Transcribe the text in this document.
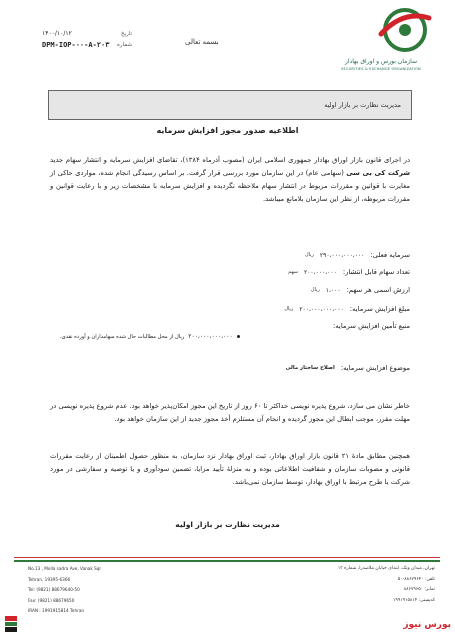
سازمان بورس و اوراق بهادار
SECURITIES & EXCHANGE ORGANIZATION
بسمه تعالی
تاریخ
۱۴۰۰/۱۰/۱۲
شماره
DPM-IOP-۰۰-A-۲۰۳
مدیریت نظارت بر بازار اولیه
اطلاعیه صدور مجوز افزایش سرمایه
در اجرای قانون بازار اوراق بهادار جمهوری اسلامی ایران (مصوب آذرماه ۱۳۸۴)، تقاضای افزایش سرمایه و انتشار سهام جدید شرکت کی بی سی (سهامی عام) در این سازمان مورد بررسی قرار گرفت. بر اساس رسیدگی انجام شده، مواردی حاکی از مغایرت با قوانین و مقررات مربوط در انتشار سهام ملاحظه نگردیده و افزایش سرمایه با مشخصات زیر و با رعایت قوانین و مقررات مربوطه، از نظر این سازمان بلامانع میباشد.
سرمایه فعلی:
۲۹۰،۰۰۰،۰۰۰،۰۰۰
ریال
تعداد سهام قابل انتشار:
۲۰۰،۰۰۰،۰۰۰
سهم
ارزش اسمی هر سهم:
۱،۰۰۰
ریال
مبلغ افزایش سرمایه:
۲۰۰،۰۰۰،۰۰۰،۰۰۰
ریال
منبع تأمین افزایش سرمایه:
۲۰۰،۰۰۰،۰۰۰،۰۰۰
ریال از محل مطالبات حال شده سهامداران و آورده نقدی،
موضوع افزایش سرمایه:
اصلاح ساختار مالی
خاطر نشان می سازد، شروع پذیره نویسی حداکثر تا ۶۰ روز از تاریخ این مجوز امکان‌پذیر خواهد بود. عدم شروع پذیره نویسی در مهلت مقرر، موجب ابطال این مجوز گردیده و انجام آن مستلزم أخذ مجوز جدید از این سازمان خواهد بود.
همچنین مطابق مادهٔ ۲۱ قانون بازار اوراق بهادار، ثبت اوراق بهادار نزد سازمان، به منظور حصول اطمینان از رعایت مقررات قانونی و مصوبات سازمان و شفافیت اطلاعاتی بوده و به منزلهٔ تأیید مزایا، تضمین سودآوری و یا توصیه و سفارشی در مورد شرکت یا طرح مرتبط با اوراق بهادار، توسط سازمان نمی‌باشد.
مدیریت نظارت بر بازار اولیه
No.13 , Molla sadra Ave, Vanak Sqr
Tehran, 19395-6366
Tel: (9821) 88679640-50
Fax: (9821) 88679650
IRAN : 1991915814 Tehran
تهران، میدان ونک، ابتدای خیابان ملاصدرا، شماره ۱۳
تلفن: ۸۸۶۷۹۶۴۰-۵۰
نمابر: ۸۸۶۷۹۶۵۰
کدپستی: ۱۹۹۱۹۱۵۸۱۴
بورس نیوز
